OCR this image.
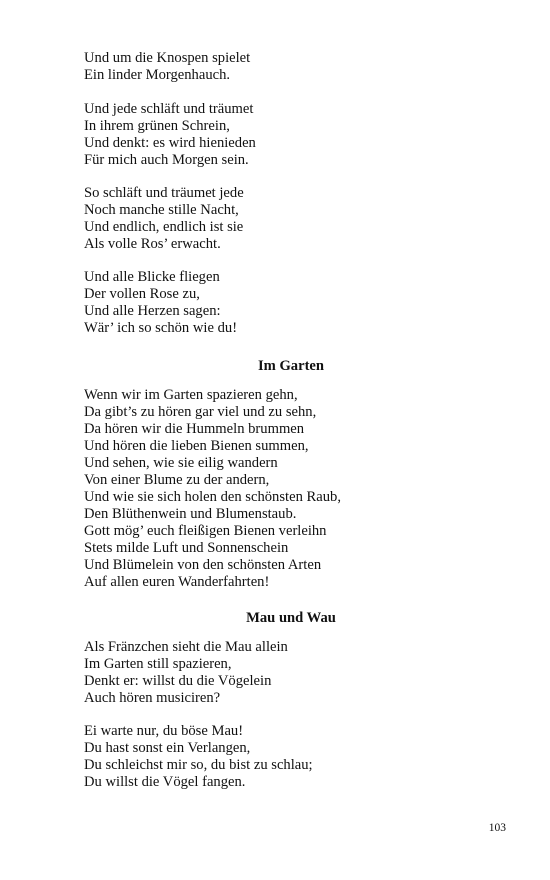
Und um die Knospen spielet
Ein linder Morgenhauch.
Und jede schläft und träumet
In ihrem grünen Schrein,
Und denkt: es wird hienieden
Für mich auch Morgen sein.
So schläft und träumet jede
Noch manche stille Nacht,
Und endlich, endlich ist sie
Als volle Ros’ erwacht.
Und alle Blicke fliegen
Der vollen Rose zu,
Und alle Herzen sagen:
Wär’ ich so schön wie du!
Im Garten
Wenn wir im Garten spazieren gehn,
Da gibt’s zu hören gar viel und zu sehn,
Da hören wir die Hummeln brummen
Und hören die lieben Bienen summen,
Und sehen, wie sie eilig wandern
Von einer Blume zu der andern,
Und wie sie sich holen den schönsten Raub,
Den Blüthenwein und Blumenstaub.
Gott mög’ euch fleißigen Bienen verleihn
Stets milde Luft und Sonnenschein
Und Blümelein von den schönsten Arten
Auf allen euren Wanderfahrten!
Mau und Wau
Als Fränzchen sieht die Mau allein
Im Garten still spazieren,
Denkt er: willst du die Vögelein
Auch hören musiciren?
Ei warte nur, du böse Mau!
Du hast sonst ein Verlangen,
Du schleichst mir so, du bist zu schlau;
Du willst die Vögel fangen.
103
